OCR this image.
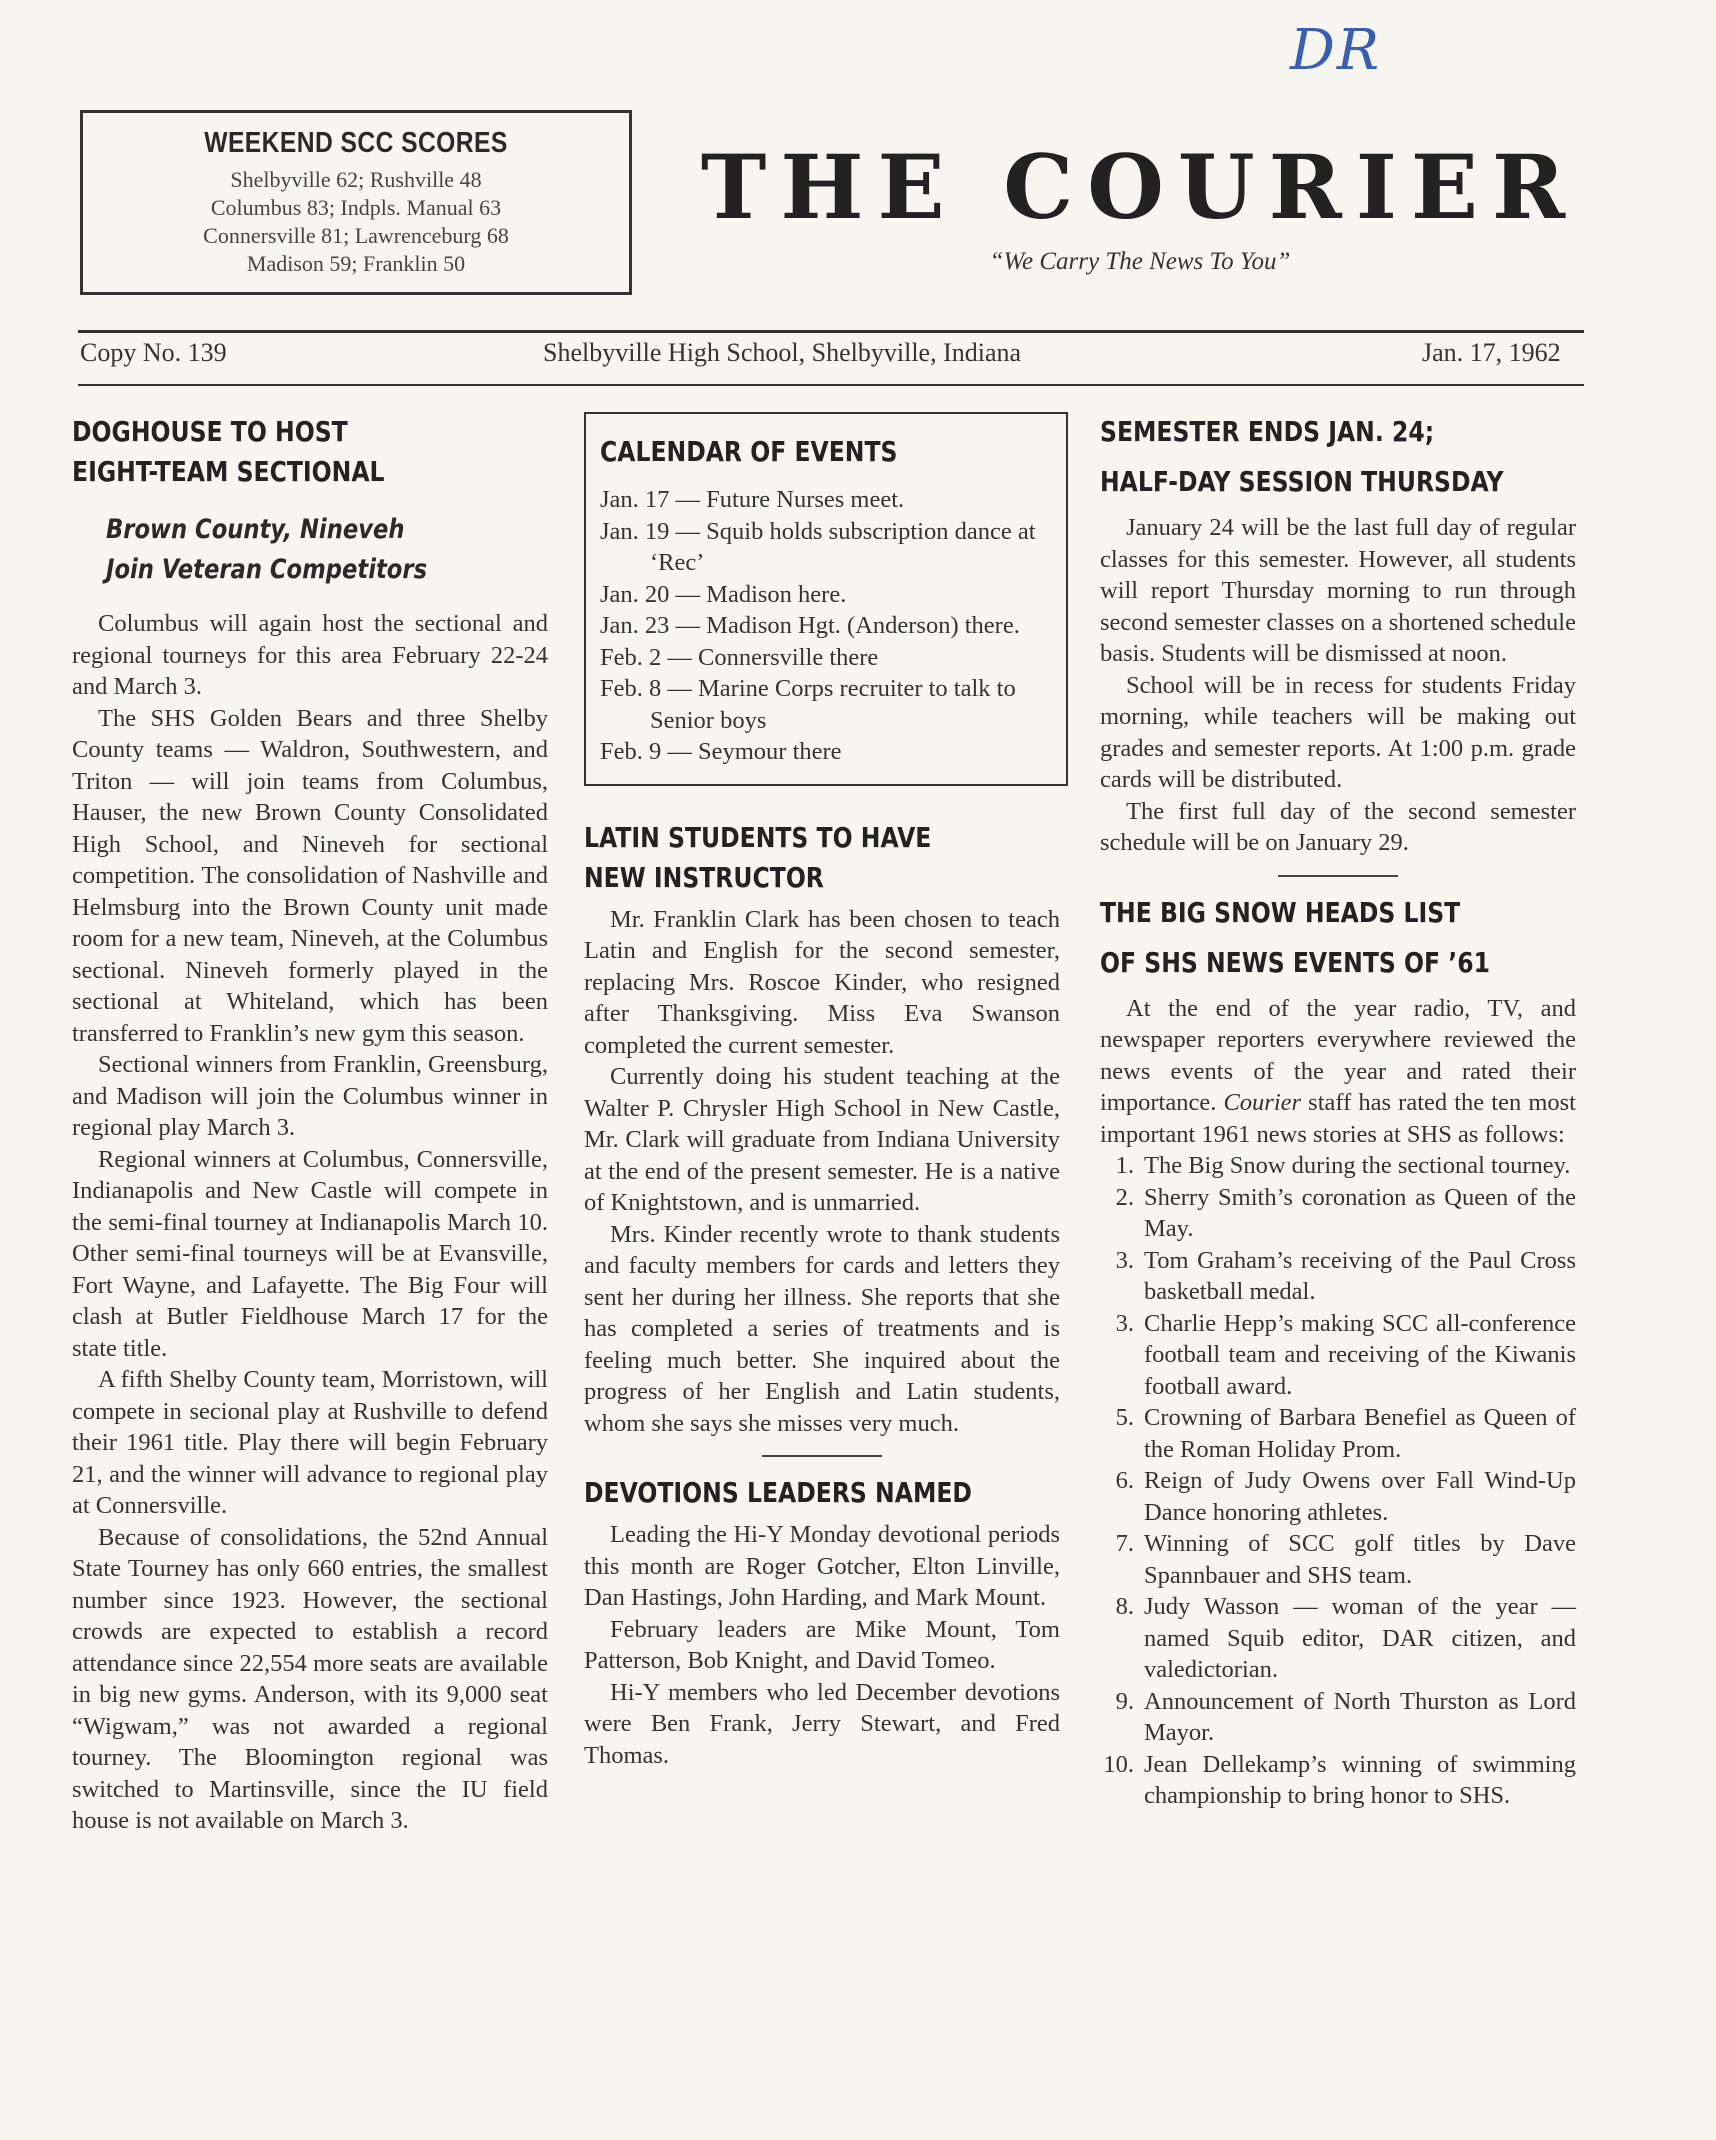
DR
WEEKEND SCC SCORES
Shelbyville 62; Rushville 48
Columbus 83; Indpls. Manual 63
Connersville 81; Lawrenceburg 68
Madison 59; Franklin 50
THE COURIER
“We Carry The News To You”
Copy No. 139	Shelbyville High School, Shelbyville, Indiana	Jan. 17, 1962
DOGHOUSE TO HOST
EIGHT-TEAM SECTIONAL
Brown County, Nineveh
Join Veteran Competitors

Columbus will again host the sectional and regional tourneys for this area February 22-24 and March 3.

The SHS Golden Bears and three Shelby County teams — Waldron, Southwestern, and Triton — will join teams from Columbus, Hauser, the new Brown County Consolidated High School, and Nineveh for sectional competition. The consolidation of Nashville and Helmsburg into the Brown County unit made room for a new team, Nineveh, at the Columbus sectional. Nineveh formerly played in the sectional at Whiteland, which has been transferred to Franklin’s new gym this season.

Sectional winners from Franklin, Greensburg, and Madison will join the Columbus winner in regional play March 3.

Regional winners at Columbus, Connersville, Indianapolis and New Castle will compete in the semi-final tourney at Indianapolis March 10. Other semi-final tourneys will be at Evansville, Fort Wayne, and Lafayette. The Big Four will clash at Butler Fieldhouse March 17 for the state title.

A fifth Shelby County team, Morristown, will compete in secional play at Rushville to defend their 1961 title. Play there will begin February 21, and the winner will advance to regional play at Connersville.

Because of consolidations, the 52nd Annual State Tourney has only 660 entries, the smallest number since 1923. However, the sectional crowds are expected to establish a record attendance since 22,554 more seats are available in big new gyms. Anderson, with its 9,000 seat “Wigwam,” was not awarded a regional tourney. The Bloomington regional was switched to Martinsville, since the IU field house is not available on March 3.

CALENDAR OF EVENTS
Jan. 17 — Future Nurses meet.
Jan. 19 — Squib holds subscription dance at ‘Rec’
Jan. 20 — Madison here.
Jan. 23 — Madison Hgt. (Anderson) there.
Feb. 2 — Connersville there
Feb. 8 — Marine Corps recruiter to talk to Senior boys
Feb. 9 — Seymour there
LATIN STUDENTS TO HAVE
NEW INSTRUCTOR

Mr. Franklin Clark has been chosen to teach Latin and English for the second semester, replacing Mrs. Roscoe Kinder, who resigned after Thanksgiving. Miss Eva Swanson completed the current semester.

Currently doing his student teaching at the Walter P. Chrysler High School in New Castle, Mr. Clark will graduate from Indiana University at the end of the present semester. He is a native of Knightstown, and is unmarried.

Mrs. Kinder recently wrote to thank students and faculty members for cards and letters they sent her during her illness. She reports that she has completed a series of treatments and is feeling much better. She inquired about the progress of her English and Latin students, whom she says she misses very much.

DEVOTIONS LEADERS NAMED

Leading the Hi-Y Monday devotional periods this month are Roger Gotcher, Elton Linville, Dan Hastings, John Harding, and Mark Mount.

February leaders are Mike Mount, Tom Patterson, Bob Knight, and David Tomeo.

Hi-Y members who led December devotions were Ben Frank, Jerry Stewart, and Fred Thomas.

SEMESTER ENDS JAN. 24;
HALF-DAY SESSION THURSDAY

January 24 will be the last full day of regular classes for this semester. However, all students will report Thursday morning to run through second semester classes on a shortened schedule basis. Students will be dismissed at noon.

School will be in recess for students Friday morning, while teachers will be making out grades and semester reports. At 1:00 p.m. grade cards will be distributed.

The first full day of the second semester schedule will be on January 29.

THE BIG SNOW HEADS LIST
OF SHS NEWS EVENTS OF ’61

At the end of the year radio, TV, and newspaper reporters everywhere reviewed the news events of the year and rated their importance. Courier staff has rated the ten most important 1961 news stories at SHS as follows:

1. The Big Snow during the sectional tourney.
2. Sherry Smith’s coronation as Queen of the May.
3. Tom Graham’s receiving of the Paul Cross basketball medal.
3. Charlie Hepp’s making SCC all-conference football team and receiving of the Kiwanis football award.
5. Crowning of Barbara Benefiel as Queen of the Roman Holiday Prom.
6. Reign of Judy Owens over Fall Wind-Up Dance honoring athletes.
7. Winning of SCC golf titles by Dave Spannbauer and SHS team.
8. Judy Wasson — woman of the year — named Squib editor, DAR citizen, and valedictorian.
9. Announcement of North Thurston as Lord Mayor.
10. Jean Dellekamp’s winning of swimming championship to bring honor to SHS.
